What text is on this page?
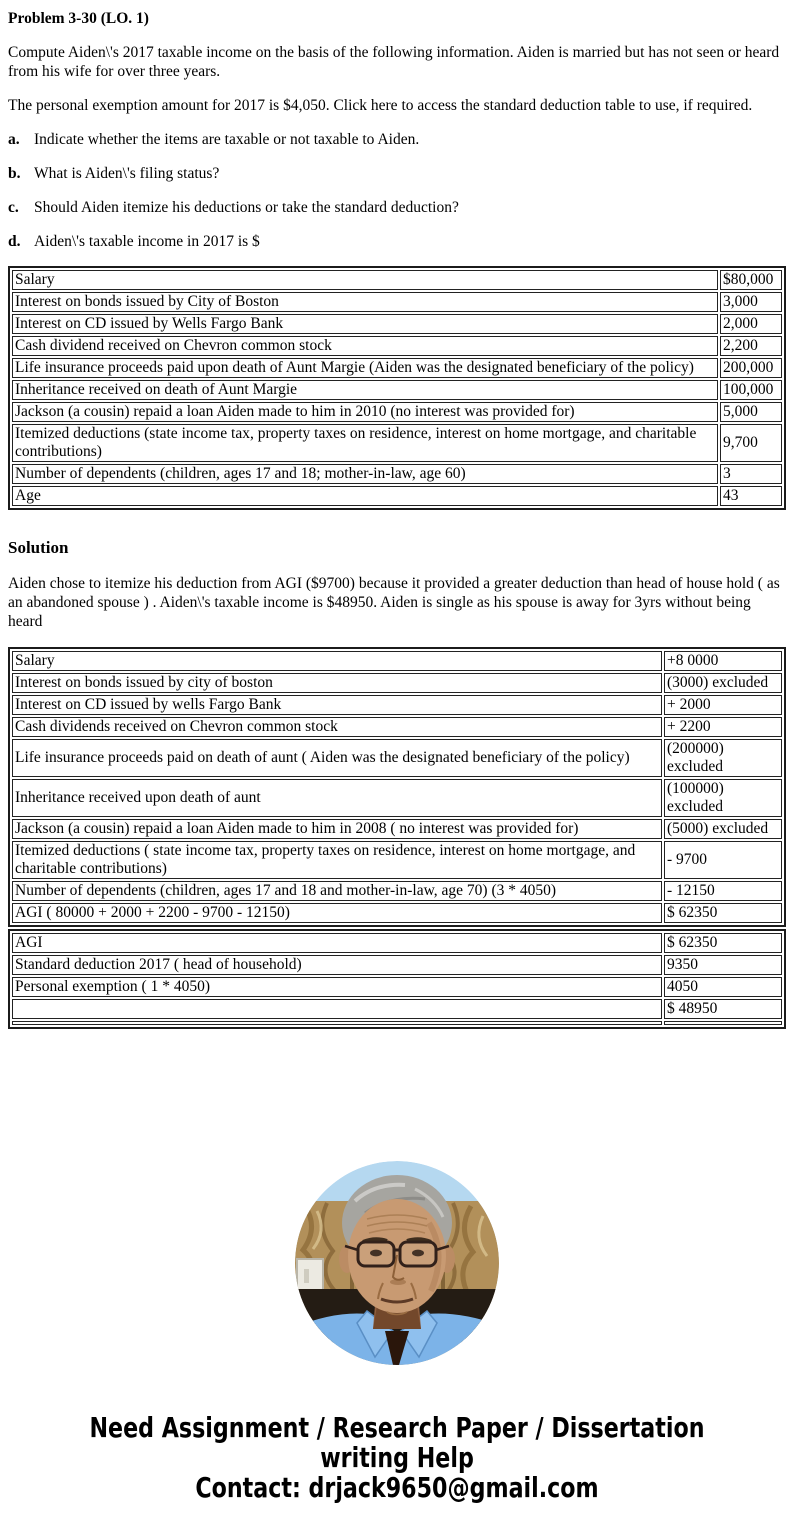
Problem 3-30 (LO. 1)

Compute Aiden\'s 2017 taxable income on the basis of the following information. Aiden is married but has not seen or heard from his wife for over three years.

The personal exemption amount for 2017 is $4,050. Click here to access the standard deduction table to use, if required.

a. Indicate whether the items are taxable or not taxable to Aiden.
b. What is Aiden\'s filing status?
c. Should Aiden itemize his deductions or take the standard deduction?
d. Aiden\'s taxable income in 2017 is $
Salary	$80,000
Interest on bonds issued by City of Boston	3,000
Interest on CD issued by Wells Fargo Bank	2,000
Cash dividend received on Chevron common stock	2,200
Life insurance proceeds paid upon death of Aunt Margie (Aiden was the designated beneficiary of the policy)	200,000
Inheritance received on death of Aunt Margie	100,000
Jackson (a cousin) repaid a loan Aiden made to him in 2010 (no interest was provided for)	5,000
Itemized deductions (state income tax, property taxes on residence, interest on home mortgage, and charitable contributions)	9,700
Number of dependents (children, ages 17 and 18; mother-in-law, age 60)	3
Age	43
Solution

Aiden chose to itemize his deduction from AGI ($9700) because it provided a greater deduction than head of house hold ( as an abandoned spouse ) . Aiden\'s taxable income is $48950. Aiden is single as his spouse is away for 3yrs without being heard

Salary	+8 0000
Interest on bonds issued by city of boston	(3000) excluded
Interest on CD issued by wells Fargo Bank	+ 2000
Cash dividends received on Chevron common stock	+ 2200
Life insurance proceeds paid on death of aunt ( Aiden was the designated beneficiary of the policy)	(200000) excluded
Inheritance received upon death of aunt	(100000) excluded
Jackson (a cousin) repaid a loan Aiden made to him in 2008 ( no interest was provided for)	(5000) excluded
Itemized deductions ( state income tax, property taxes on residence, interest on home mortgage, and charitable contributions)	- 9700
Number of dependents (children, ages 17 and 18 and mother-in-law, age 70) (3 * 4050)	- 12150
AGI ( 80000 + 2000 + 2200 - 9700 - 12150)	$ 62350
AGI	$ 62350
Standard deduction 2017 ( head of household)	9350
Personal exemption ( 1 * 4050)	4050
	$ 48950

Need Assignment / Research Paper / Dissertation
writing Help
Contact: drjack9650@gmail.com
